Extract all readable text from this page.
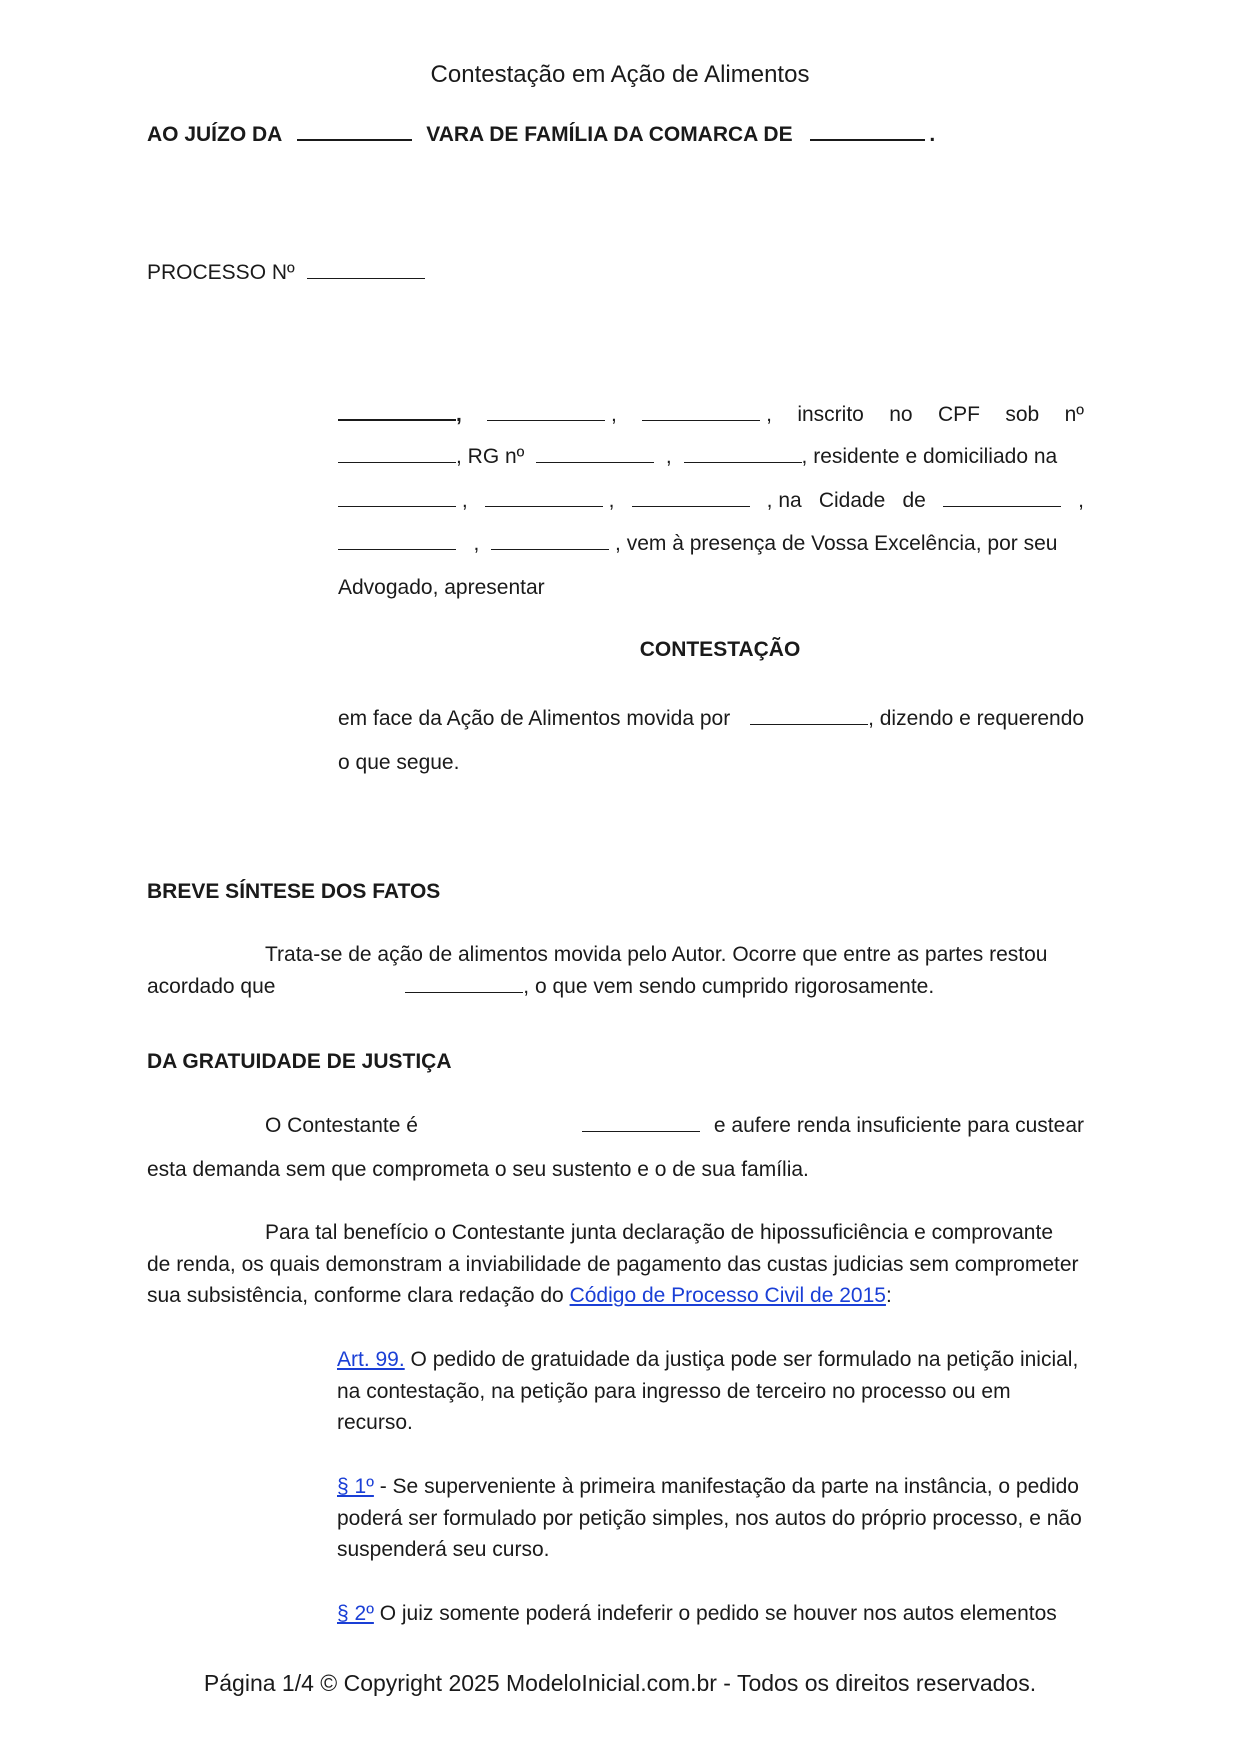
Contestação em Ação de Alimentos
AO JUÍZO DA	VARA DE FAMÍLIA DA COMARCA DE	.
PROCESSO Nº
,	,	, inscrito no CPF sob nº
, RG nº	,	, residente e domiciliado na
,	,	, na Cidade de	,
,	, vem à presença de Vossa Excelência, por seu
Advogado, apresentar
CONTESTAÇÃO
em face da Ação de Alimentos movida por	, dizendo e requerendo
o que segue.
BREVE SÍNTESE DOS FATOS
Trata-se de ação de alimentos movida pelo Autor. Ocorre que entre as partes restou
acordado que	, o que vem sendo cumprido rigorosamente.
DA GRATUIDADE DE JUSTIÇA
O Contestante é	e aufere renda insuficiente para custear
esta demanda sem que comprometa o seu sustento e o de sua família.
Para tal benefício o Contestante junta declaração de hipossuficiência e comprovante
de renda, os quais demonstram a inviabilidade de pagamento das custas judicias sem comprometer
sua subsistência, conforme clara redação do Código de Processo Civil de 2015:
Art. 99. O pedido de gratuidade da justiça pode ser formulado na petição inicial,
na contestação, na petição para ingresso de terceiro no processo ou em
recurso.
§ 1º - Se superveniente à primeira manifestação da parte na instância, o pedido
poderá ser formulado por petição simples, nos autos do próprio processo, e não
suspenderá seu curso.
§ 2º O juiz somente poderá indeferir o pedido se houver nos autos elementos
Página 1/4 © Copyright 2025 ModeloInicial.com.br - Todos os direitos reservados.
